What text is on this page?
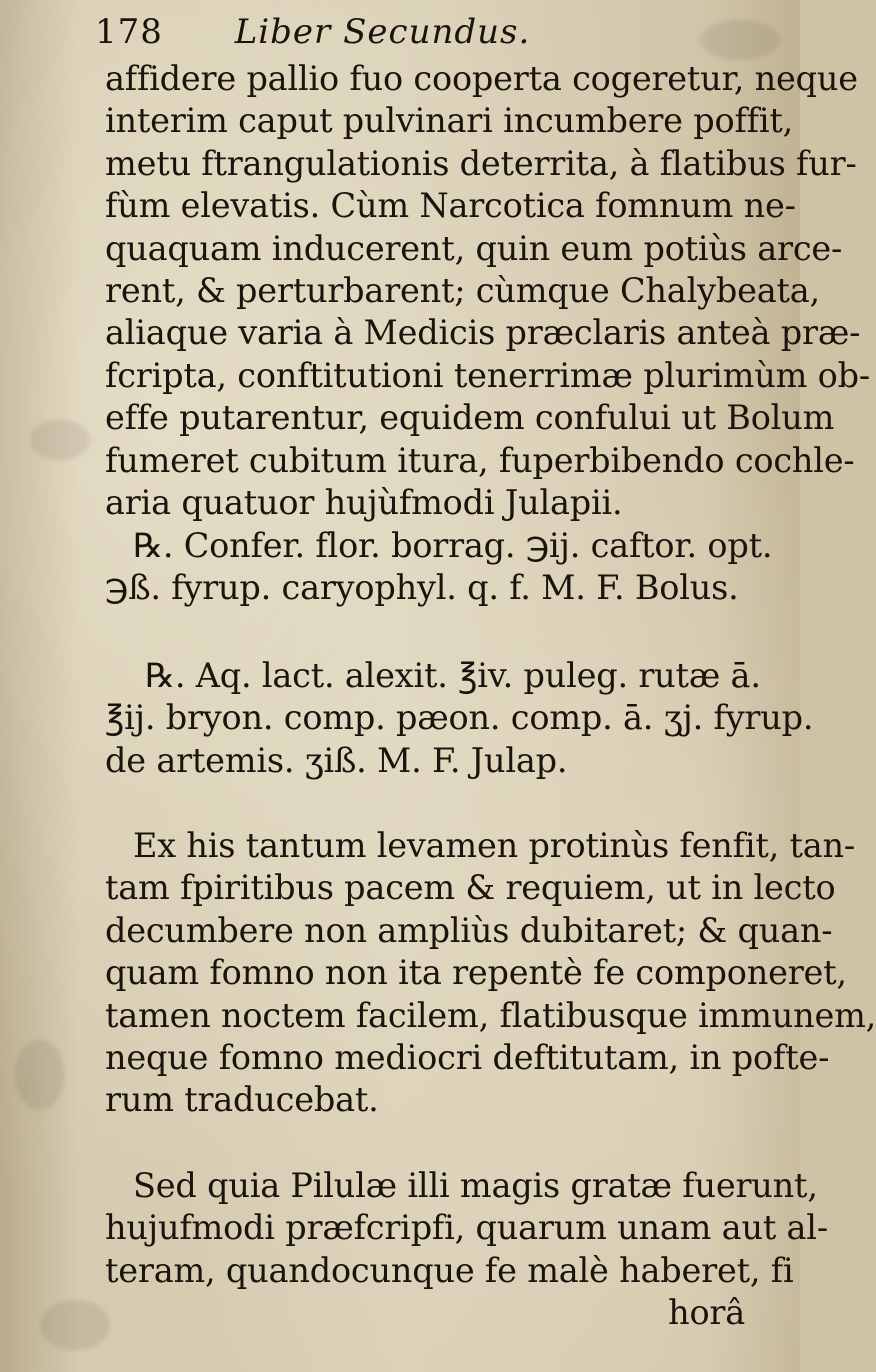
178 Liber Secundus.
affidere pallio fuo cooperta cogeretur, neque
interim caput pulvinari incumbere poffit,
metu ftrangulationis deterrita, à flatibus fur-
fùm elevatis. Cùm Narcotica fomnum ne-
quaquam inducerent, quin eum potiùs arce-
rent, & perturbarent; cùmque Chalybeata,
aliaque varia à Medicis præclaris anteà præ-
fcripta, conftitutioni tenerrimæ plurimùm ob-
effe putarentur, equidem confului ut Bolum
fumeret cubitum itura, fuperbibendo cochle-
aria quatuor hujùfmodi Julapii.
℞. Confer. flor. borrag. ℈ij. caftor. opt.
℈ß. fyrup. caryophyl. q. f. M. F. Bolus.
℞. Aq. lact. alexit. ℥iv. puleg. rutæ ā.
℥ij. bryon. comp. pæon. comp. ā. ʒj. fyrup.
de artemis. ʒiß. M. F. Julap.
Ex his tantum levamen protinùs fenfit, tan-
tam fpiritibus pacem & requiem, ut in lecto
decumbere non ampliùs dubitaret; & quan-
quam fomno non ita repentè fe componeret,
tamen noctem facilem, flatibusque immunem,
neque fomno mediocri deftitutam, in pofte-
rum traducebat.
Sed quia Pilulæ illi magis gratæ fuerunt,
hujufmodi præfcripfi, quarum unam aut al-
teram, quandocunque fe malè haberet, fi
horâ
